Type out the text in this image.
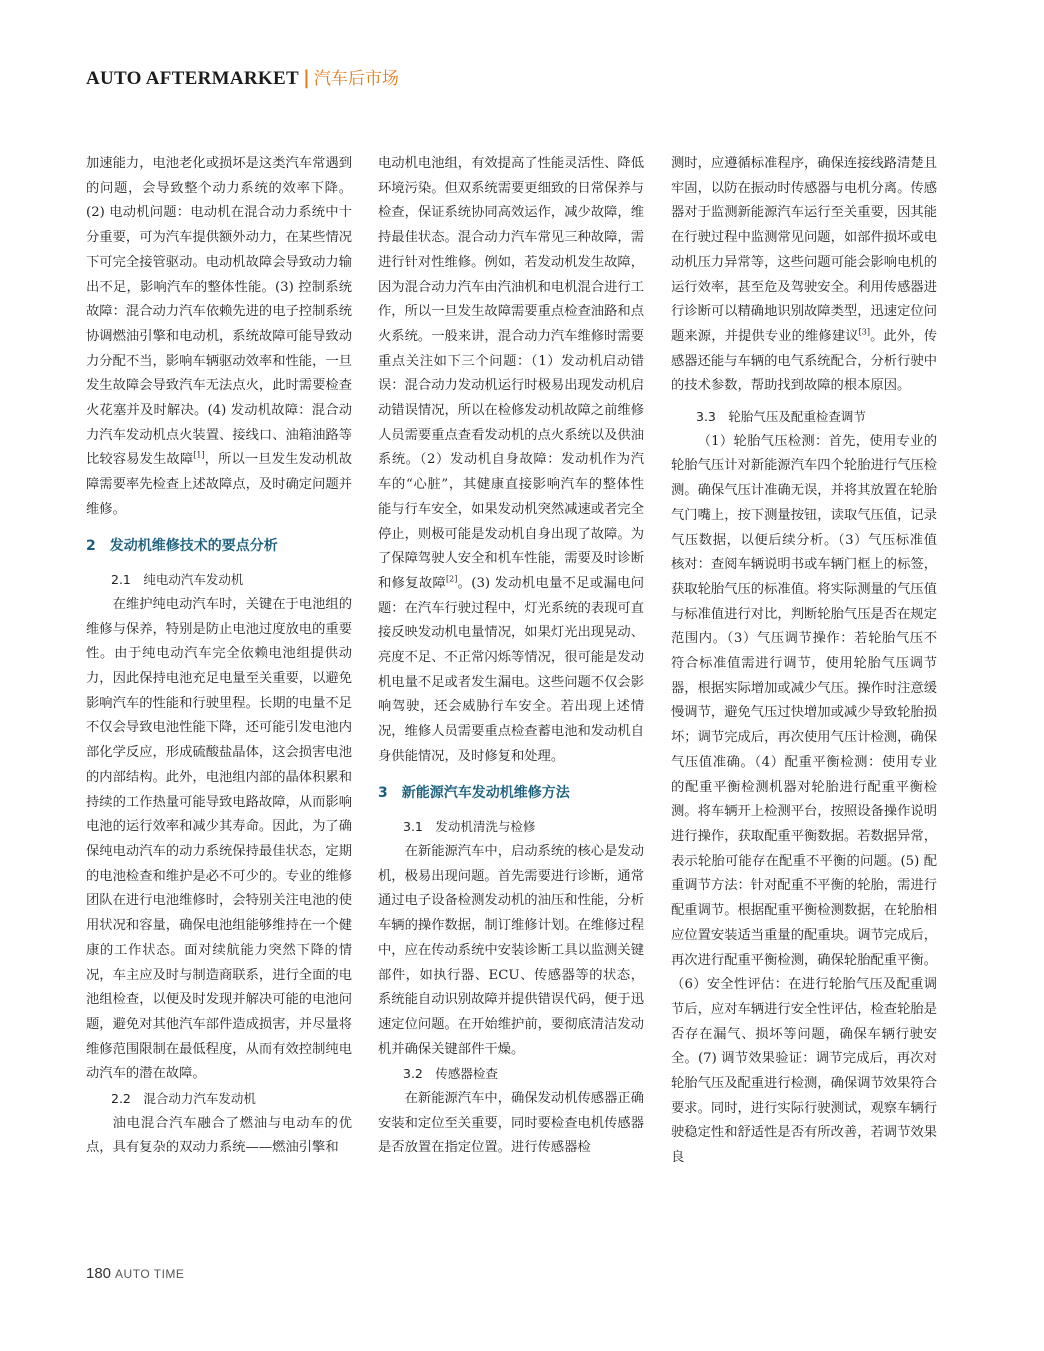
AUTO AFTERMARKET | 汽车后市场

加速能力，电池老化或损坏是这类汽车常遇到的问题，会导致整个动力系统的效率下降。(2) 电动机问题：电动机在混合动力系统中十分重要，可为汽车提供额外动力，在某些情况下可完全接管驱动。电动机故障会导致动力输出不足，影响汽车的整体性能。(3) 控制系统故障：混合动力汽车依赖先进的电子控制系统协调燃油引擎和电动机，系统故障可能导致动力分配不当，影响车辆驱动效率和性能，一旦发生故障会导致汽车无法点火，此时需要检查火花塞并及时解决。(4) 发动机故障：混合动力汽车发动机点火装置、接线口、油箱油路等比较容易发生故障[1]，所以一旦发生发动机故障需要率先检查上述故障点，及时确定问题并维修。

2　发动机维修技术的要点分析
2.1　纯电动汽车发动机

在维护纯电动汽车时，关键在于电池组的维修与保养，特别是防止电池过度放电的重要性。由于纯电动汽车完全依赖电池组提供动力，因此保持电池充足电量至关重要，以避免影响汽车的性能和行驶里程。长期的电量不足不仅会导致电池性能下降，还可能引发电池内部化学反应，形成硫酸盐晶体，这会损害电池的内部结构。此外，电池组内部的晶体积累和持续的工作热量可能导致电路故障，从而影响电池的运行效率和减少其寿命。因此，为了确保纯电动汽车的动力系统保持最佳状态，定期的电池检查和维护是必不可少的。专业的维修团队在进行电池维修时，会特别关注电池的使用状况和容量，确保电池组能够维持在一个健康的工作状态。面对续航能力突然下降的情况，车主应及时与制造商联系，进行全面的电池组检查，以便及时发现并解决可能的电池问题，避免对其他汽车部件造成损害，并尽量将维修范围限制在最低程度，从而有效控制纯电动汽车的潜在故障。

2.2　混合动力汽车发动机

油电混合汽车融合了燃油与电动车的优点，具有复杂的双动力系统——燃油引擎和

电动机电池组，有效提高了性能灵活性、降低环境污染。但双系统需要更细致的日常保养与检查，保证系统协同高效运作，减少故障，维持最佳状态。混合动力汽车常见三种故障，需进行针对性维修。例如，若发动机发生故障，因为混合动力汽车由汽油机和电机混合进行工作，所以一旦发生故障需要重点检查油路和点火系统。一般来讲，混合动力汽车维修时需要重点关注如下三个问题：（1）发动机启动错误：混合动力发动机运行时极易出现发动机启动错误情况，所以在检修发动机故障之前维修人员需要重点查看发动机的点火系统以及供油系统。（2）发动机自身故障：发动机作为汽车的“心脏”，其健康直接影响汽车的整体性能与行车安全，如果发动机突然减速或者完全停止，则极可能是发动机自身出现了故障。为了保障驾驶人安全和机车性能，需要及时诊断和修复故障[2]。(3) 发动机电量不足或漏电问题：在汽车行驶过程中，灯光系统的表现可直接反映发动机电量情况，如果灯光出现晃动、亮度不足、不正常闪烁等情况，很可能是发动机电量不足或者发生漏电。这些问题不仅会影响驾驶，还会威胁行车安全。若出现上述情况，维修人员需要重点检查蓄电池和发动机自身供能情况，及时修复和处理。

3　新能源汽车发动机维修方法
3.1　发动机清洗与检修

在新能源汽车中，启动系统的核心是发动机，极易出现问题。首先需要进行诊断，通常通过电子设备检测发动机的油压和性能，分析车辆的操作数据，制订维修计划。在维修过程中，应在传动系统中安装诊断工具以监测关键部件，如执行器、ECU、传感器等的状态，系统能自动识别故障并提供错误代码，便于迅速定位问题。在开始维护前，要彻底清洁发动机并确保关键部件干燥。

3.2　传感器检查

在新能源汽车中，确保发动机传感器正确安装和定位至关重要，同时要检查电机传感器是否放置在指定位置。进行传感器检

测时，应遵循标准程序，确保连接线路清楚且牢固，以防在振动时传感器与电机分离。传感器对于监测新能源汽车运行至关重要，因其能在行驶过程中监测常见问题，如部件损坏或电动机压力异常等，这些问题可能会影响电机的运行效率，甚至危及驾驶安全。利用传感器进行诊断可以精确地识别故障类型，迅速定位问题来源，并提供专业的维修建议[3]。此外，传感器还能与车辆的电气系统配合，分析行驶中的技术参数，帮助找到故障的根本原因。

3.3　轮胎气压及配重检查调节

（1）轮胎气压检测：首先，使用专业的轮胎气压计对新能源汽车四个轮胎进行气压检测。确保气压计准确无误，并将其放置在轮胎气门嘴上，按下测量按钮，读取气压值，记录气压数据，以便后续分析。（3）气压标准值核对：查阅车辆说明书或车辆门框上的标签，获取轮胎气压的标准值。将实际测量的气压值与标准值进行对比，判断轮胎气压是否在规定范围内。（3）气压调节操作：若轮胎气压不符合标准值需进行调节，使用轮胎气压调节器，根据实际增加或减少气压。操作时注意缓慢调节，避免气压过快增加或减少导致轮胎损坏；调节完成后，再次使用气压计检测，确保气压值准确。（4）配重平衡检测：使用专业的配重平衡检测机器对轮胎进行配重平衡检测。将车辆开上检测平台，按照设备操作说明进行操作，获取配重平衡数据。若数据异常，表示轮胎可能存在配重不平衡的问题。(5) 配重调节方法：针对配重不平衡的轮胎，需进行配重调节。根据配重平衡检测数据，在轮胎相应位置安装适当重量的配重块。调节完成后，再次进行配重平衡检测，确保轮胎配重平衡。（6）安全性评估：在进行轮胎气压及配重调节后，应对车辆进行安全性评估，检查轮胎是否存在漏气、损坏等问题，确保车辆行驶安全。(7) 调节效果验证：调节完成后，再次对轮胎气压及配重进行检测，确保调节效果符合要求。同时，进行实际行驶测试，观察车辆行驶稳定性和舒适性是否有所改善，若调节效果良

180 AUTO TIME
